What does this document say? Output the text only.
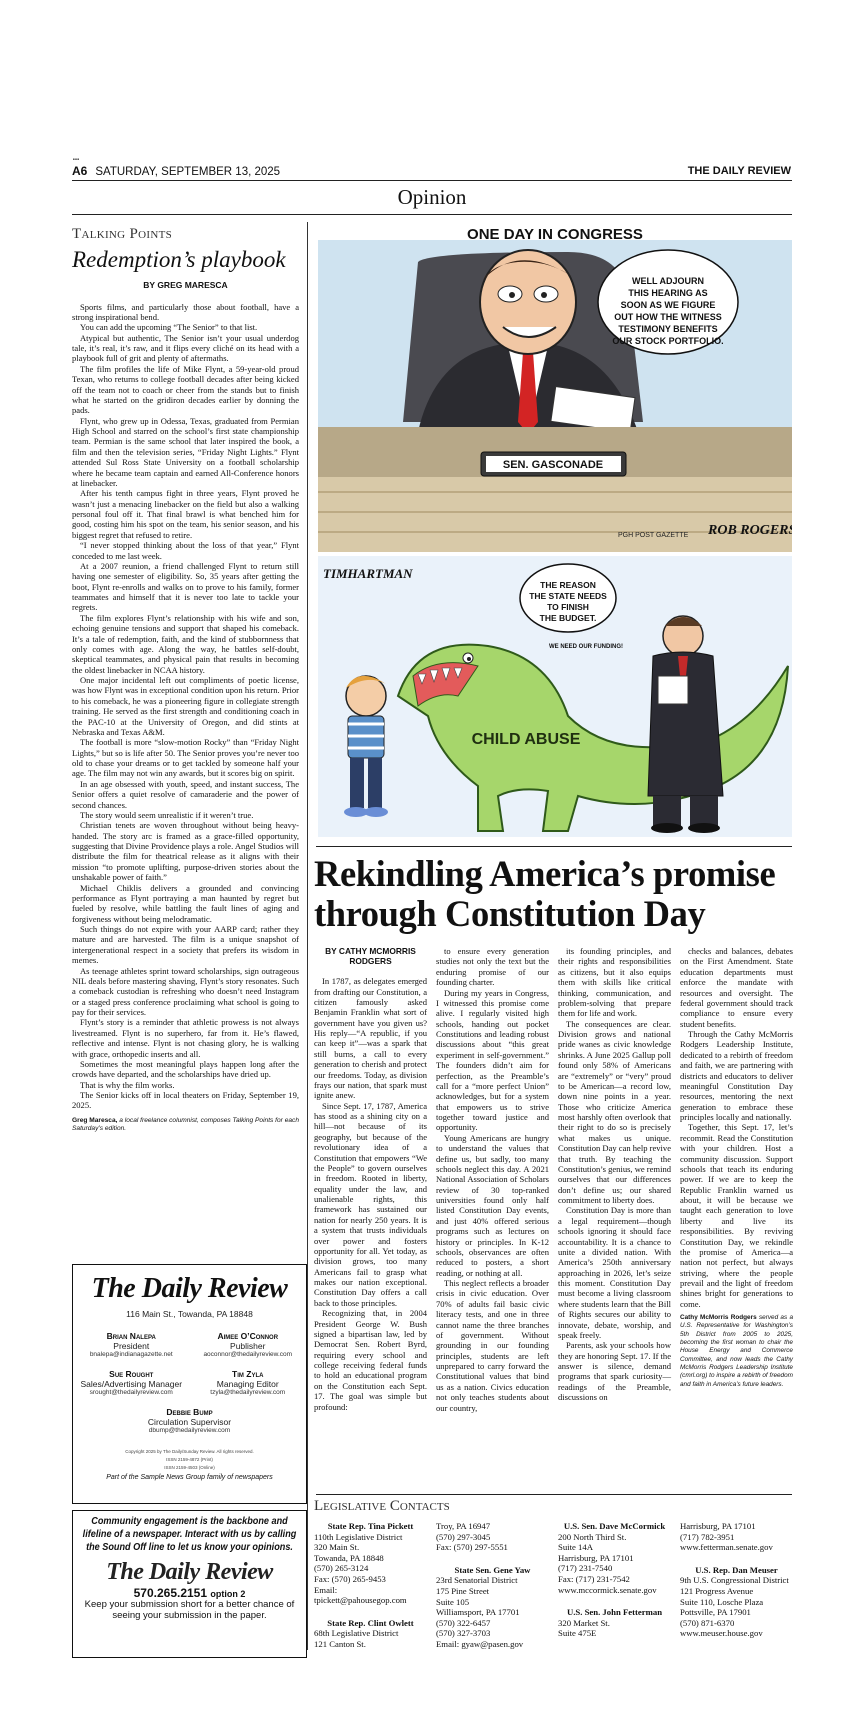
• • • A6 SATURDAY, SEPTEMBER 13, 2025	THE DAILY REVIEW
Opinion
Talking Points
Redemption’s playbook
BY GREG MARESCA

Sports films, and particularly those about football, have a strong inspirational bend.

You can add the upcoming “The Senior” to that list.

Atypical but authentic, The Senior isn’t your usual underdog tale, it’s real, it’s raw, and it flips every cliché on its head with a playbook full of grit and plenty of aftermaths.

The film profiles the life of Mike Flynt, a 59-year-old proud Texan, who returns to college football decades after being kicked off the team not to coach or cheer from the stands but to finish what he started on the gridiron decades earlier by donning the pads.

Flynt, who grew up in Odessa, Texas, graduated from Permian High School and starred on the school’s first state championship team. Permian is the same school that later inspired the book, a film and then the television series, “Friday Night Lights.” Flynt attended Sul Ross State University on a football scholarship where he became team captain and earned All-Conference honors at linebacker.

After his tenth campus fight in three years, Flynt proved he wasn’t just a menacing linebacker on the field but also a walking personal foul off it. That final brawl is what benched him for good, costing him his spot on the team, his senior season, and his biggest regret that refused to retire.

“I never stopped thinking about the loss of that year,” Flynt conceded to me last week.

At a 2007 reunion, a friend challenged Flynt to return still having one semester of eligibility. So, 35 years after getting the boot, Flynt re-enrolls and walks on to prove to his family, former teammates and himself that it is never too late to tackle your regrets.

The film explores Flynt’s relationship with his wife and son, echoing genuine tensions and support that shaped his comeback. It’s a tale of redemption, faith, and the kind of stubbornness that only comes with age. Along the way, he battles self-doubt, skeptical teammates, and physical pain that results in becoming the oldest linebacker in NCAA history.

One major incidental left out compliments of poetic license, was how Flynt was in exceptional condition upon his return. Prior to his comeback, he was a pioneering figure in collegiate strength training. He served as the first strength and conditioning coach in the PAC-10 at the University of Oregon, and did stints at Nebraska and Texas A&M.

The football is more “slow-motion Rocky” than “Friday Night Lights,” but so is life after 50. The Senior proves you’re never too old to chase your dreams or to get tackled by someone half your age. The film may not win any awards, but it scores big on spirit.

In an age obsessed with youth, speed, and instant success, The Senior offers a quiet resolve of camaraderie and the power of second chances.

The story would seem unrealistic if it weren’t true.

Christian tenets are woven throughout without being heavy-handed. The story arc is framed as a grace-filled opportunity, suggesting that Divine Providence plays a role. Angel Studios will distribute the film for theatrical release as it aligns with their mission “to promote uplifting, purpose-driven stories about the unshakable power of faith.”

Michael Chiklis delivers a grounded and convincing performance as Flynt portraying a man haunted by regret but fueled by resolve, while battling the fault lines of aging and forgiveness without being melodramatic.

Such things do not expire with your AARP card; rather they mature and are harvested. The film is a unique snapshot of intergenerational respect in a society that prefers its wisdom in memes.

As teenage athletes sprint toward scholarships, sign outrageous NIL deals before mastering shaving, Flynt’s story resonates. Such a comeback custodian is refreshing who doesn’t need Instagram or a staged press conference proclaiming what school is going to pay for their services.

Flynt’s story is a reminder that athletic prowess is not always livestreamed. Flynt is no superhero, far from it. He’s flawed, reflective and intense. Flynt is not chasing glory, he is walking with grace, orthopedic inserts and all.

Sometimes the most meaningful plays happen long after the crowds have departed, and the scholarships have dried up.

That is why the film works.

The Senior kicks off in local theaters on Friday, September 19, 2025.

Greg Maresca, a local freelance columnist, composes Talking Points for each Saturday’s edition.
The Daily Review
116 Main St., Towanda, PA 18848
Brian Nalepa
President
bnalepa@indianagazette.net
Aimee O’Connor
Publisher
aoconnor@thedailyreview.com
Sue Rought
Sales/Advertising Manager
srought@thedailyreview.com
Tim Zyla
Managing Editor
tzyla@thedailyreview.com
Debbie Bump
Circulation Supervisor
dbump@thedailyreview.com
Copyright 2025 by The Daily/Sunday Review. All rights reserved.
ISSN 2159-4872 (Print)
ISSN 2159-4503 (Online)
Part of the Sample News Group family of newspapers
Community engagement is the backbone and lifeline of a newspaper. Interact with us by calling the Sound Off line to let us know your opinions.
The Daily Review
570.265.2151 option 2
Keep your submission short for a better chance of seeing your submission in the paper.
ONE DAY IN CONGRESS
WELL ADJOURN
THIS HEARING AS
SOON AS WE FIGURE
OUT HOW THE WITNESS
TESTIMONY BENEFITS
OUR STOCK PORTFOLIO.
SEN. GASCONADE
PGH POST GAZETTE ROB ROGERS
TIMHARTMAN
THE REASON
THE STATE NEEDS
TO FINISH
THE BUDGET.
WE NEED OUR FUNDING!
CHILD ABUSE
Rekindling America’s promise through Constitution Day
BY CATHY MCMORRIS RODGERS

In 1787, as delegates emerged from drafting our Constitution, a citizen famously asked Benjamin Franklin what sort of government have you given us? His reply—“A republic, if you can keep it”—was a spark that still burns, a call to every generation to cherish and protect our freedoms. Today, as division frays our nation, that spark must ignite anew.

Since Sept. 17, 1787, America has stood as a shining city on a hill—not because of its geography, but because of the revolutionary idea of a Constitution that empowers “We the People” to govern ourselves in freedom. Rooted in liberty, equality under the law, and unalienable rights, this framework has sustained our nation for nearly 250 years. It is a system that trusts individuals over power and fosters opportunity for all. Yet today, as division grows, too many Americans fail to grasp what makes our nation exceptional. Constitution Day offers a call back to those principles.

Recognizing that, in 2004 President George W. Bush signed a bipartisan law, led by Democrat Sen. Robert Byrd, requiring every school and college receiving federal funds to hold an educational program on the Constitution each Sept. 17. The goal was simple but profound:

to ensure every generation studies not only the text but the enduring promise of our founding charter.

During my years in Congress, I witnessed this promise come alive. I regularly visited high schools, handing out pocket Constitutions and leading robust discussions about “this great experiment in self-government.” The founders didn’t aim for perfection, as the Preamble’s call for a “more perfect Union” acknowledges, but for a system that empowers us to strive together toward justice and opportunity.

Young Americans are hungry to understand the values that define us, but sadly, too many schools neglect this day. A 2021 National Association of Scholars review of 30 top-ranked universities found only half listed Constitution Day events, and just 40% offered serious programs such as lectures on history or principles. In K-12 schools, observances are often reduced to posters, a short reading, or nothing at all.

This neglect reflects a broader crisis in civic education. Over 70% of adults fail basic civic literacy tests, and one in three cannot name the three branches of government. Without grounding in our founding principles, students are left unprepared to carry forward the Constitutional values that bind us as a nation. Civics education not only teaches students about our country,

its founding principles, and their rights and responsibilities as citizens, but it also equips them with skills like critical thinking, communication, and problem-solving that prepare them for life and work.

The consequences are clear. Division grows and national pride wanes as civic knowledge shrinks. A June 2025 Gallup poll found only 58% of Americans are “extremely” or “very” proud to be American—a record low, down nine points in a year. Those who criticize America most harshly often overlook that their right to do so is precisely what makes us unique. Constitution Day can help revive that truth. By teaching the Constitution’s genius, we remind ourselves that our differences don’t define us; our shared commitment to liberty does.

Constitution Day is more than a legal requirement—though schools ignoring it should face accountability. It is a chance to unite a divided nation. With America’s 250th anniversary approaching in 2026, let’s seize this moment. Constitution Day must become a living classroom where students learn that the Bill of Rights secures our ability to innovate, debate, worship, and speak freely.

Parents, ask your schools how they are honoring Sept. 17. If the answer is silence, demand programs that spark curiosity—readings of the Preamble, discussions on

checks and balances, debates on the First Amendment. State education departments must enforce the mandate with resources and oversight. The federal government should track compliance to ensure every student benefits.

Through the Cathy McMorris Rodgers Leadership Institute, dedicated to a rebirth of freedom and faith, we are partnering with districts and educators to deliver meaningful Constitution Day resources, mentoring the next generation to embrace these principles locally and nationally.

Together, this Sept. 17, let’s recommit. Read the Constitution with your children. Host a community discussion. Support schools that teach its enduring power. If we are to keep the Republic Franklin warned us about, it will be because we taught each generation to love liberty and live its responsibilities. By reviving Constitution Day, we rekindle the promise of America—a nation not perfect, but always striving, where the people prevail and the light of freedom shines bright for generations to come.

Cathy McMorris Rodgers served as a U.S. Representative for Washington’s 5th District from 2005 to 2025, becoming the first woman to chair the House Energy and Commerce Committee, and now leads the Cathy McMorris Rodgers Leadership Institute (cmrl.org) to inspire a rebirth of freedom and faith in America’s future leaders.
Legislative Contacts
State Rep. Tina Pickett
110th Legislative District
320 Main St.
Towanda, PA 18848
(570) 265-3124
Fax: (570) 265-9453
Email: tpickett@pahousegop.com
State Rep. Clint Owlett
68th Legislative District
121 Canton St.
Troy, PA 16947
(570) 297-3045
Fax: (570) 297-5551
State Sen. Gene Yaw
23rd Senatorial District
175 Pine Street
Suite 105
Williamsport, PA 17701
(570) 322-6457
(570) 327-3703
Email: gyaw@pasen.gov
U.S. Sen. Dave McCormick
200 North Third St.
Suite 14A
Harrisburg, PA 17101
(717) 231-7540
Fax: (717) 231-7542
www.mccormick.senate.gov
U.S. Sen. John Fetterman
320 Market St.
Suite 475E
Harrisburg, PA 17101
(717) 782-3951
www.fetterman.senate.gov
U.S. Rep. Dan Meuser
9th U.S. Congressional District
121 Progress Avenue
Suite 110, Losche Plaza
Pottsville, PA 17901
(570) 871-6370
www.meuser.house.gov
